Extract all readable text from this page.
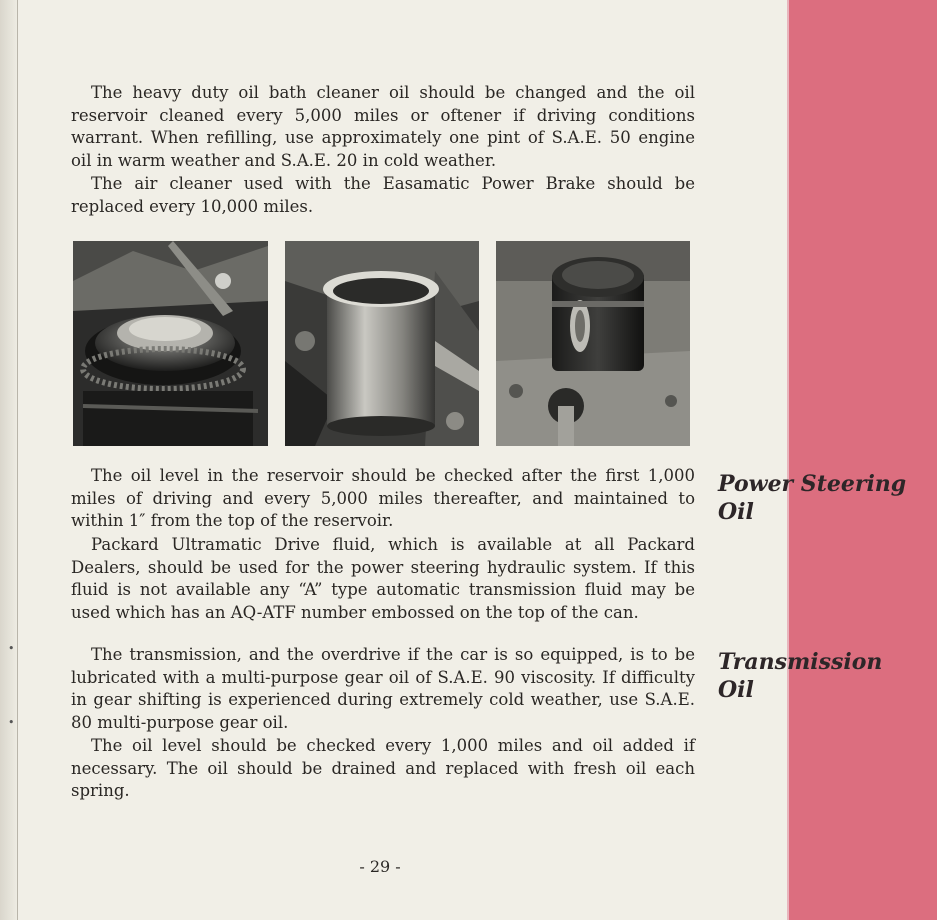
•
•

The heavy duty oil bath cleaner oil should be changed and the oil reservoir cleaned every 5,000 miles or oftener if driving conditions warrant. When refilling, use approximately one pint of S.A.E. 50 engine oil in warm weather and S.A.E. 20 in cold weather.

The air cleaner used with the Easamatic Power Brake should be replaced every 10,000 miles.

The oil level in the reservoir should be checked after the first 1,000 miles of driving and every 5,000 miles thereafter, and maintained to within 1″ from the top of the reservoir.

Packard Ultramatic Drive fluid, which is available at all Packard Dealers, should be used for the power steering hydraulic system. If this fluid is not available any “A” type automatic transmission fluid may be used which has an AQ-ATF number embossed on the top of the can.

Power Steering
Oil

The transmission, and the overdrive if the car is so equipped, is to be lubricated with a multi-purpose gear oil of S.A.E. 90 viscosity. If difficulty in gear shifting is experienced during extremely cold weather, use S.A.E. 80 multi-purpose gear oil.

The oil level should be checked every 1,000 miles and oil added if necessary. The oil should be drained and replaced with fresh oil each spring.

Transmission
Oil
- 29 -
